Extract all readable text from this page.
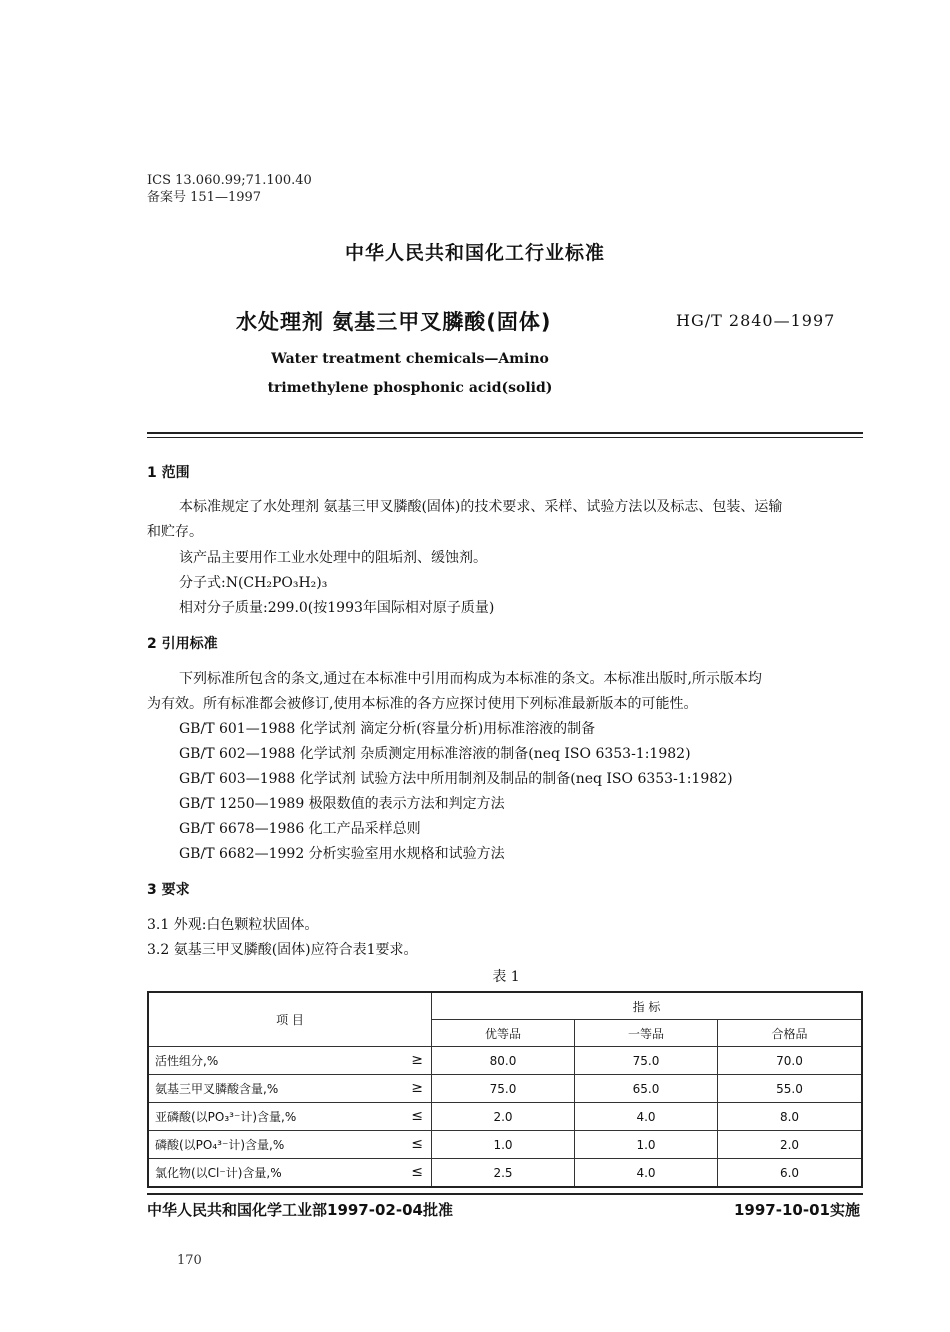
ICS 13.060.99;71.100.40
备案号 151—1997
中华人民共和国化工行业标准
水处理剂 氨基三甲叉膦酸(固体)	HG/T 2840—1997
Water treatment chemicals—Amino
trimethylene phosphonic acid(solid)
1 范围
本标准规定了水处理剂 氨基三甲叉膦酸(固体)的技术要求、采样、试验方法以及标志、包装、运输
和贮存。
该产品主要用作工业水处理中的阻垢剂、缓蚀剂。
分子式:N(CH₂PO₃H₂)₃
相对分子质量:299.0(按1993年国际相对原子质量)
2 引用标准
下列标准所包含的条文,通过在本标准中引用而构成为本标准的条文。本标准出版时,所示版本均
为有效。所有标准都会被修订,使用本标准的各方应探讨使用下列标准最新版本的可能性。
GB/T 601—1988 化学试剂 滴定分析(容量分析)用标准溶液的制备
GB/T 602—1988 化学试剂 杂质测定用标准溶液的制备(neq ISO 6353-1:1982)
GB/T 603—1988 化学试剂 试验方法中所用制剂及制品的制备(neq ISO 6353-1:1982)
GB/T 1250—1989 极限数值的表示方法和判定方法
GB/T 6678—1986 化工产品采样总则
GB/T 6682—1992 分析实验室用水规格和试验方法
3 要求
3.1 外观:白色颗粒状固体。
3.2 氨基三甲叉膦酸(固体)应符合表1要求。
表 1
项 目	指 标		
	优等品	一等品	合格品
活性组分,% ≥	80.0	75.0	70.0
氨基三甲叉膦酸含量,% ≥	75.0	65.0	55.0
亚磷酸(以PO₃³⁻计)含量,% ≤	2.0	4.0	8.0
磷酸(以PO₄³⁻计)含量,% ≤	1.0	1.0	2.0
氯化物(以Cl⁻计)含量,% ≤	2.5	4.0	6.0
中华人民共和国化学工业部1997-02-04批准	1997-10-01实施
170
